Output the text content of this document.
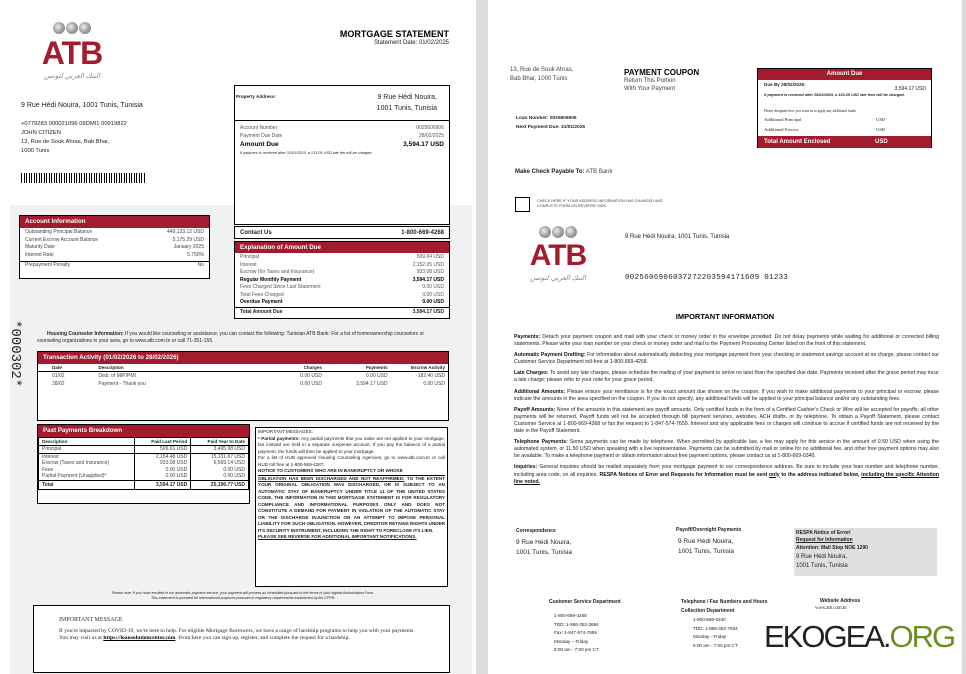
ATB
البنك العربي لتونس
MORTGAGE STATEMENT
Statement Date: 01/02/2025
9 Rue Hédi Nouira, 1001 Tunis, Tunisia
+0779283 000021096 09DMI1 00919822
JOHN CITIZEN
13, Rue de Souk Ahras, Bab Bhar,
1000 Tunis
*000302*
Property Address:	9 Rue Hédi Nouira,
1001 Tunis, Tunisia
Account Number	0025606906
Payment Due Date	28/02/2025
Amount Due	3,594.17 USD
If payment is received after 31/01/2025, a 133.05 USD late fee will be charged.
Contact Us	1-800-669-4268
Explanation of Amount Due
Principal	509.04 USD
Interest	2,152.05 USD
Escrow (for Taxes and Insurance)	933.08 USD
Regular Monthly Payment	3,594.17 USD
Fees Charged Since Last Statement	0.00 USD
Total Fees Charged	0.00 USD
Overdue Payment	0.00 USD
Total Amount Due	3,594.17 USD
Account Information
Outstanding Principal Balance	449,123.12 USD
Current Escrow Account Balance	5,175.29 USD
Maturity Date	January 2025
Interest Rate	5.750%
Prepayment Penalty	No
Housing Counselor Information: If you would like counseling or assistance, you can contact the following: Tunisian ATB Bank: For a list of homeownership counselors or counseling organizations in your area, go to www.atb.com.tn or call 71-351-155.
Transaction Activity (01/02/2026 to 28/02/2026)
Date	Description	Charges	Payments	Escrow Activity
01/02	Disb. of MIP/PMI	0.00 USD	0.00 USD	-182.40 USD
28/02	Payment - Thank you	0.00 USD	3,594.17 USD	0.00 USD
Past Payments Breakdown
Description	Paid Last Period	Paid Year to Date
Principal	506.61 USD	3,495.98 USD
Interest	2,154.48 USD	15,131.67 USD
Escrow (Taxes and Insurance)	933.08 USD	6,569.14 USD
Fees	0.00 USD	0.00 USD
Partial Payment (Unapplied)*	0.00 USD	0.00 USD
Total	3,594.17 USD	25,196.77 USD
IMPORTANT MESSAGES:
* Partial payments: Any partial payments that you make are not applied to your mortgage, but instead are held in a separate suspense account. If you pay the balance of a partial payment, the funds will then be applied to your mortgage.
For a list of HUD approved Housing Counseling Agencies, go to www.atb.com.tn or call HUD toll free at 1-800-569-4287.
NOTICE TO CUSTOMERS WHO ARE IN BANKRUPTCY OR WHOSE
OBLIGATION HAS BEEN DISCHARGED AND NOT REAFFIRMED: TO THE EXTENT YOUR ORIGINAL OBLIGATION WAS DISCHARGED, OR IS SUBJECT TO AN AUTOMATIC STAY OF BANKRUPTCY UNDER TITLE 11 OF THE UNITED STATES CODE, THE INFORMATION IN THIS MORTGAGE STATEMENT IS FOR REGULATORY COMPLIANCE AND INFORMATIONAL PURPOSES ONLY AND DOES NOT CONSTITUTE A DEMAND FOR PAYMENT IN VIOLATION OF THE AUTOMATIC STAY OR THE DISCHARGE INJUNCTION OR AN ATTEMPT TO IMPOSE PERSONAL LIABILITY FOR SUCH OBLIGATION. HOWEVER, CREDITOR RETAINS RIGHTS UNDER ITS SECURITY INSTRUMENT, INCLUDING THE RIGHT TO FORECLOSE ITS LIEN.
PLEASE SEE REVERSE FOR ADDITIONAL IMPORTANT NOTIFICATIONS.
Please note: If you have enrolled in our automatic payment service, your payment will process as scheduled pursuant to the terms of your signed Authorization Form.
This statement is provided for informational purposes pursuant to regulatory requirements established by the CFPB.
IMPORTANT MESSAGE
If you're impacted by COVID-19, we're here to help. For eligible Mortgage Borrowers, we have a range of hardship programs to help you with your payments. You may visit us at https://loansolutioncenter.com. From here you can sign up, register, and complete the request for a hardship.
13, Rue de Souk Ahras,
Bab Bhar, 1000 Tunis
PAYMENT COUPON
Return This Portion
With Your Payment
Loan Number: 0025606906
Next Payment Due: 31/01/2025
Amount Due
Due By 28/02/2025:
3,594.17 USD
If payment is received after 28/02/2025, a 133.05 USD late fees will be charged.
Please designate how you want us to apply any additional funds.
Additional Principal	USD
Additional Escrow	USD
Total Amount Enclosed	USD
Make Check Payable To: ATB Bank
CHECK HERE IF YOUR ADDRESS INFORMATION HAS CHANGED AND COMPLETE FORM ON REVERSE SIDE.
ATB
البنك العربي لتونس
9 Rue Hédi Nouira, 1001 Tunis, Tunisia
0025606906037272203594171609 01233
IMPORTANT INFORMATION
Payments: Detach your payment coupon and mail with your check or money order in the envelope provided. Do not delay payments while waiting for additional or corrected billing statements. Please write your loan number on your check or money order and mail to the Payment Processing Center listed on the front of this statement.
Automatic Payment Drafting: For information about automatically deducting your mortgage payment from your checking or statement savings account at no charge, please contact our Customer Service Department toll-free at 1-800-669-4268.
Late Charges: To avoid any late charges, please schedule the mailing of your payment to arrive no later than the specified due date. Payments received after the grace period may incur a late charge; please refer to your note for your grace period.
Additional Amounts: Please ensure your remittance is for the exact amount due shown on the coupon. If you wish to make additional payments to your principal or escrow, please indicate the amounts in the area specified on the coupon. If you do not specify, any additional funds will be applied to your principal balance and/or any outstanding fees.
Payoff Amounts: None of the amounts in this statement are payoff amounts. Only certified funds in the form of a Certified Cashier's Check or Wire will be accepted for payoffs; all other payments will be returned. Payoff funds will not be accepted through bill payment services, websites, ACH drafts, or by telephone. To obtain a Payoff Statement, please contact Customer Service at 1-800-669-4268 or fax the request to 1-847-574-7659. Interest and any applicable fees or charges will continue to accrue if certified funds are not received by the date in the Payoff Statement.
Telephone Payments: Some payments can be made by telephone. When permitted by applicable law, a fee may apply for this service in the amount of 9.50 USD when using the automated system, or 11.50 USD when speaking with a live representative. Payments can be submitted by mail or online for no additional fee, and other free payment options may also be available. To make a telephone payment or obtain information about free payment options, please contact us at 1-800-669-0340.
Inquiries: General inquiries should be mailed separately from your mortgage payment to our correspondence address. Be sure to include your loan number and telephone number, including area code, on all inquiries. RESPA Notices of Error and Requests for Information must be sent only to the address indicated below, including the specific Attention line noted.
Correspondence
9 Rue Hédi Nouira,
1001 Tunis, Tunisia
Payoff/Overnight Payments
9 Rue Hédi Nouira,
1001 Tunis, Tunisia
RESPA Notice of Error/
Request for Information
Attention: Mail Stop NOE 1290
9 Rue Hédi Nouira,
1001 Tunis, Tunisia
Customer Service Department
1-800-669-4268
TDD: 1-866-352-3684
Fax: 1-847-574-7659
Monday – Friday
8:00 am - 7:00 pm CT
Telephone / Fax Numbers and Hours
Collection Department
1-800-669-0340
TDD: 1-866-352-7564
Monday - Friday
8:00 am - 7:00 pm CT
Website Address
www.atb.com.tn
EKOGEA.ORG
